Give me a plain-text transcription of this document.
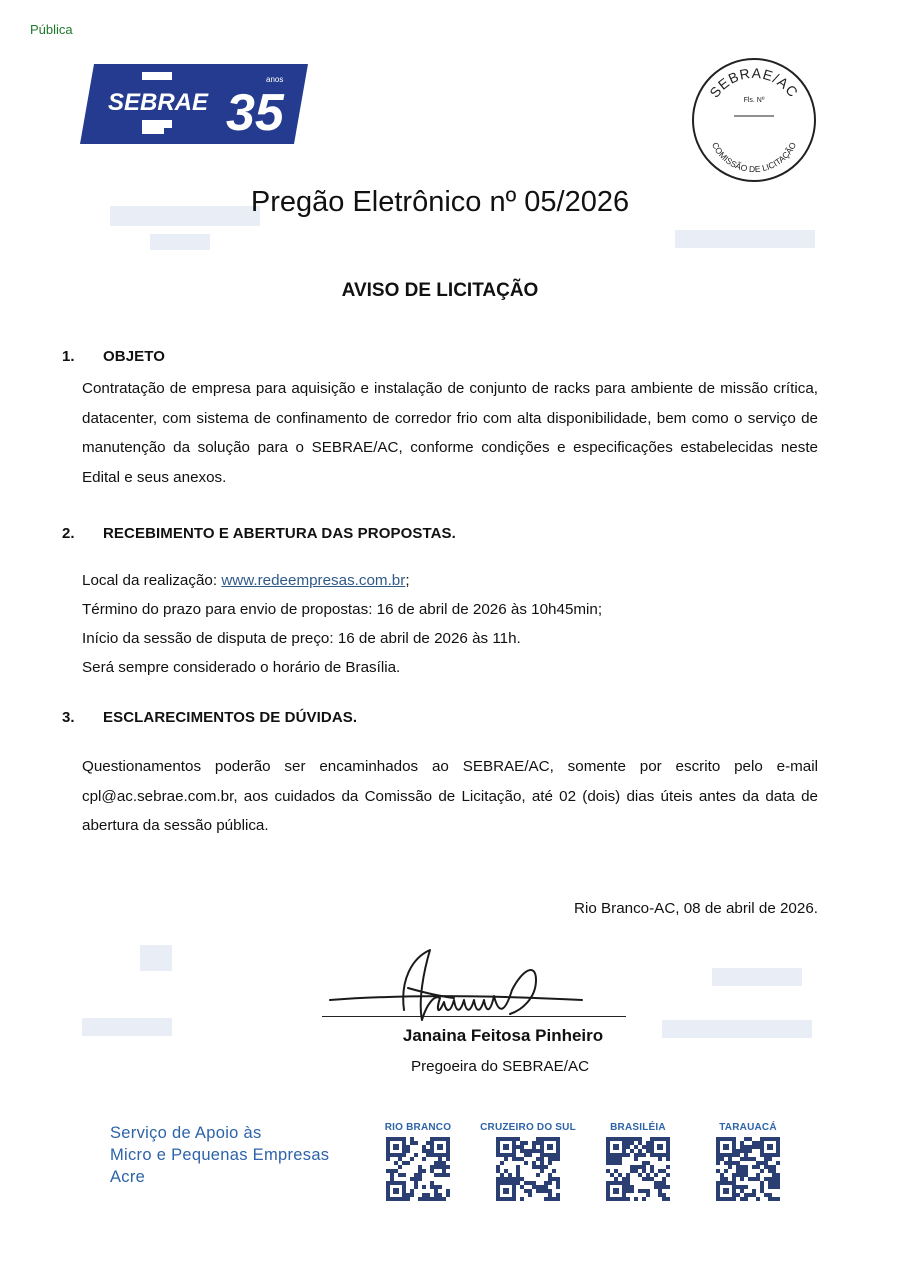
Pública
SEBRAE 35
anos
SEBRAE/AC
COMISSÃO DE LICITAÇÃO
Fls. Nº
Pregão Eletrônico nº 05/2026
AVISO DE LICITAÇÃO
1. OBJETO
Contratação de empresa para aquisição e instalação de conjunto de racks para ambiente de missão crítica, datacenter, com sistema de confinamento de corredor frio com alta disponibilidade, bem como o serviço de manutenção da solução para o SEBRAE/AC, conforme condições e especificações estabelecidas neste Edital e seus anexos.
2. RECEBIMENTO E ABERTURA DAS PROPOSTAS.
Local da realização: www.redeempresas.com.br;
Término do prazo para envio de propostas: 16 de abril de 2026 às 10h45min;
Início da sessão de disputa de preço: 16 de abril de 2026 às 11h.
Será sempre considerado o horário de Brasília.
3. ESCLARECIMENTOS DE DÚVIDAS.
Questionamentos poderão ser encaminhados ao SEBRAE/AC, somente por escrito pelo e-mail cpl@ac.sebrae.com.br, aos cuidados da Comissão de Licitação, até 02 (dois) dias úteis antes da data de abertura da sessão pública.
Rio Branco-AC, 08 de abril de 2026.
Janaina Feitosa Pinheiro
Pregoeira do SEBRAE/AC
Serviço de Apoio às
Micro e Pequenas Empresas
Acre
RIO BRANCO	CRUZEIRO DO SUL	BRASILÉIA	TARAUACÁ
